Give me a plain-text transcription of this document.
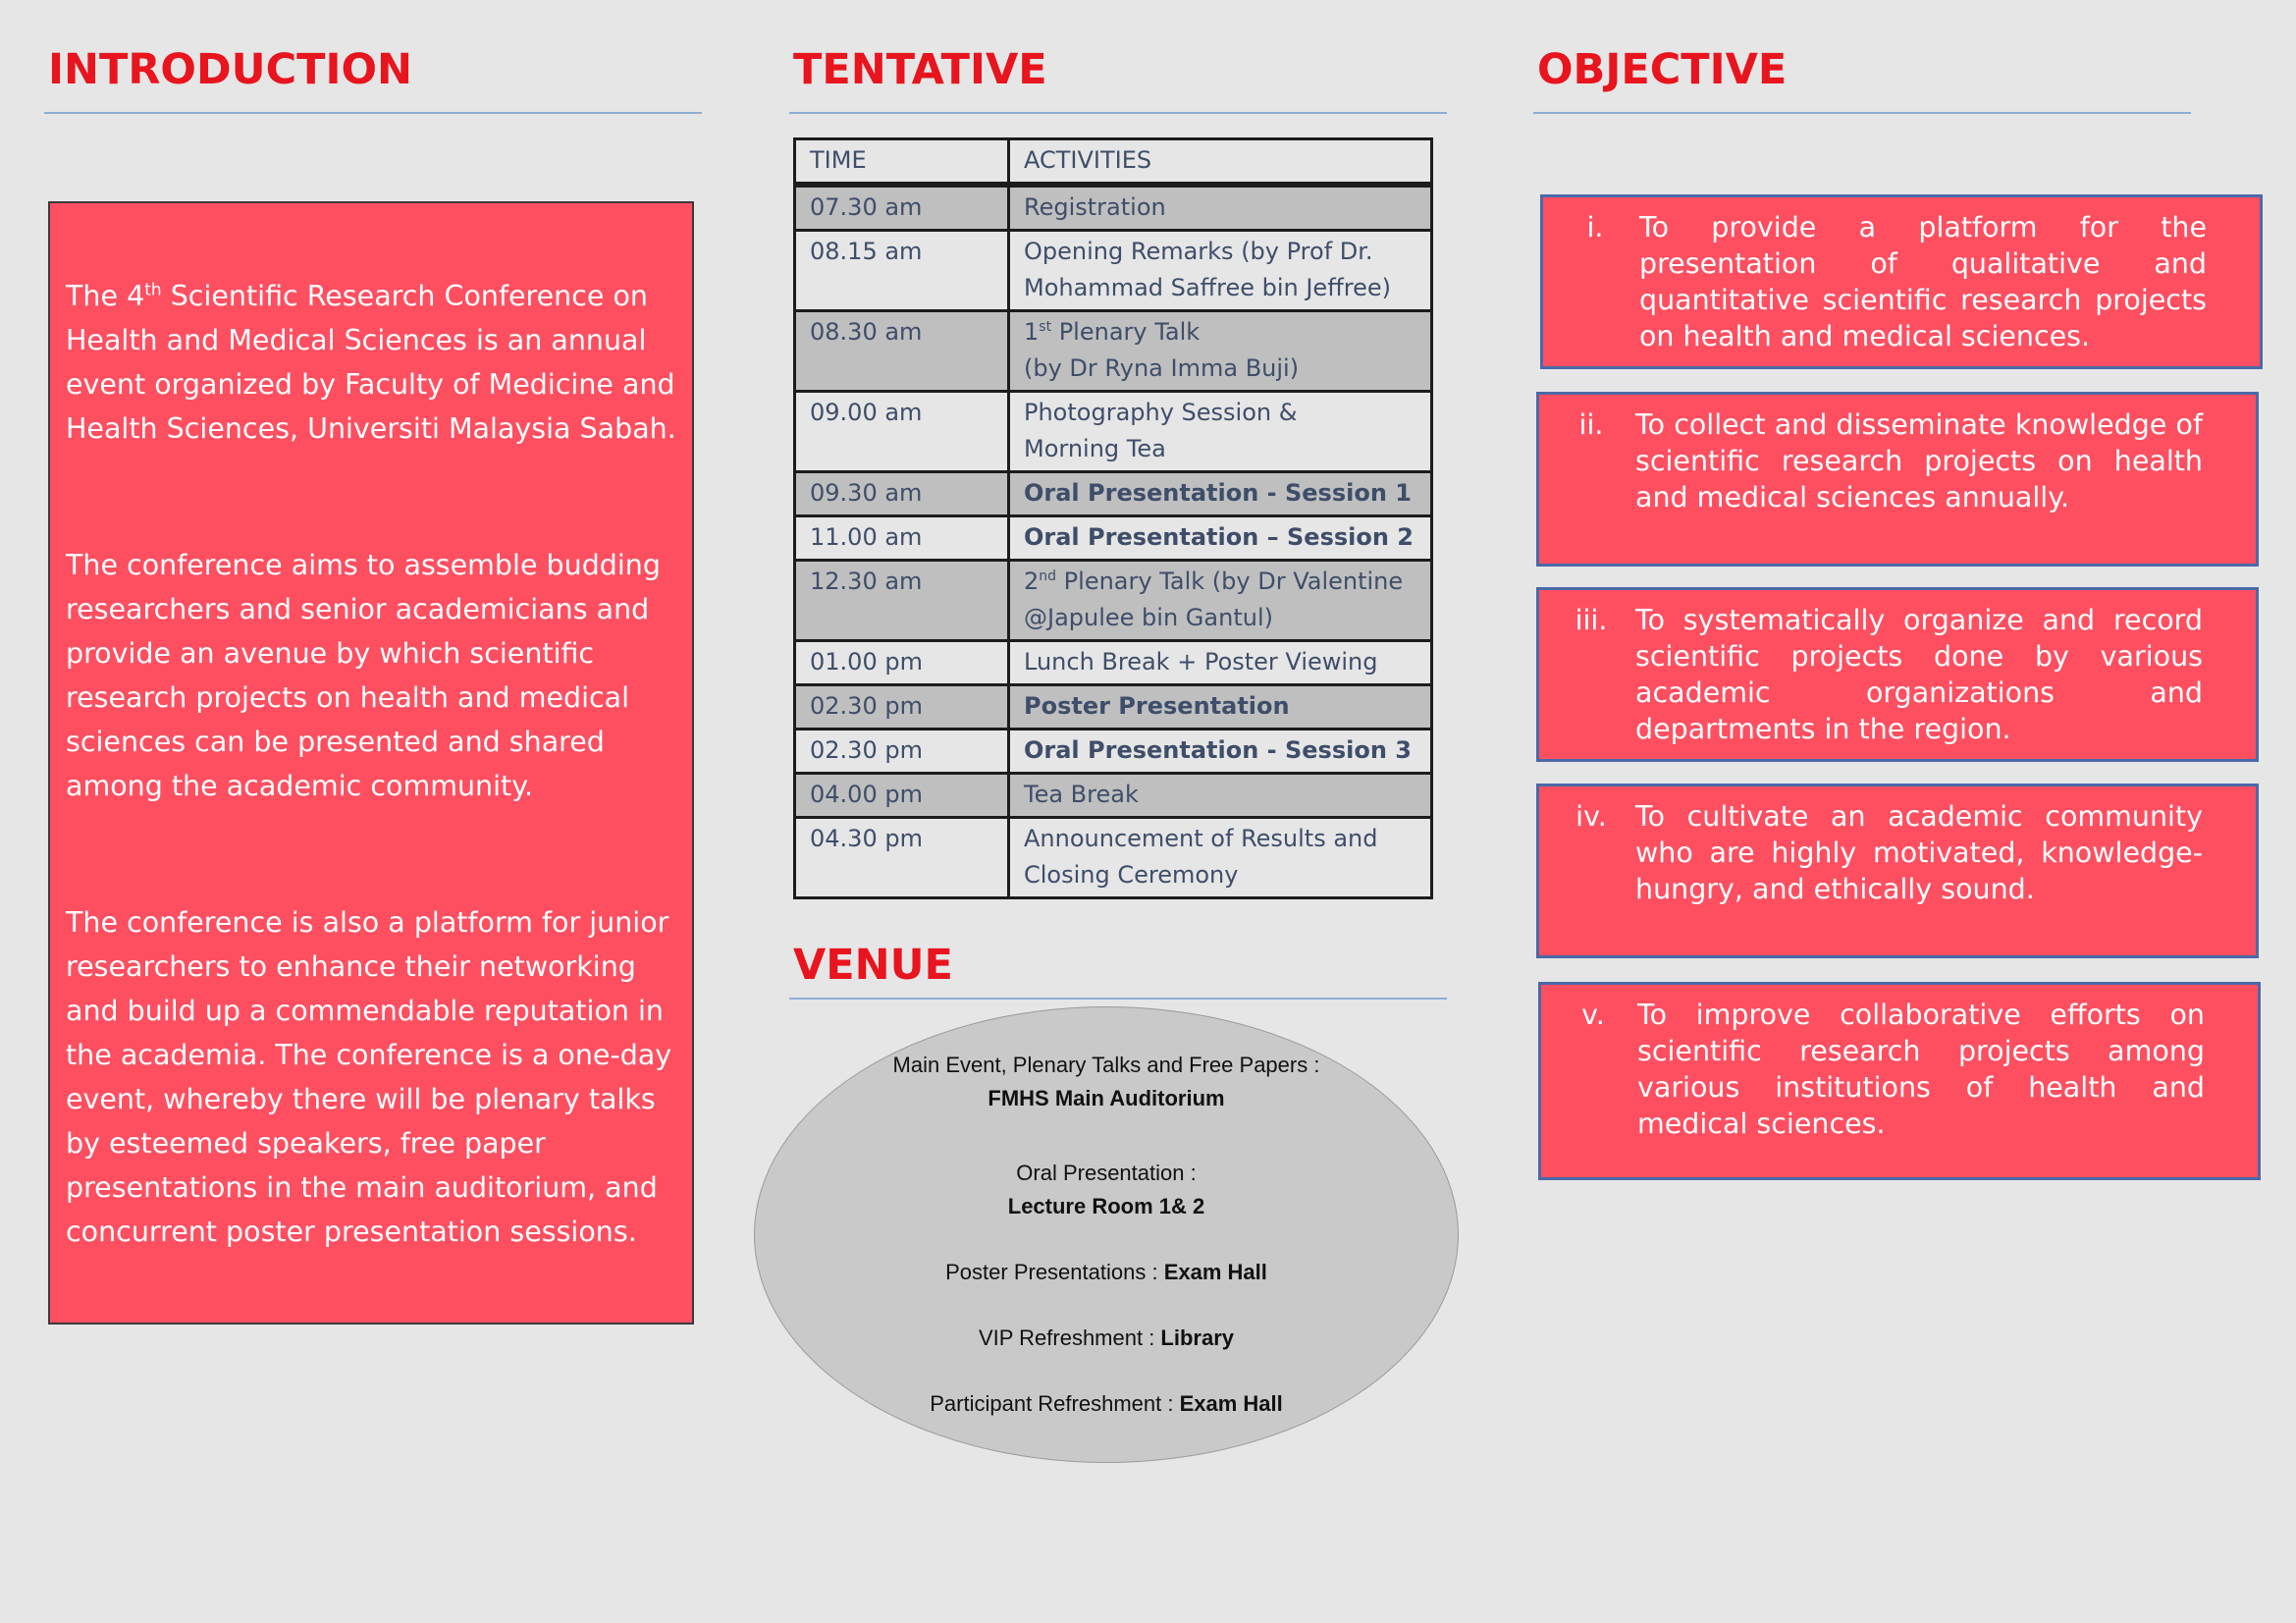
INTRODUCTION

The 4th Scientific Research Conference on Health and Medical Sciences is an annual event organized by Faculty of Medicine and Health Sciences, Universiti Malaysia Sabah.

The conference aims to assemble budding researchers and senior academicians and provide an avenue by which scientific research projects on health and medical sciences can be presented and shared among the academic community.

The conference is also a platform for junior researchers to enhance their networking and build up a commendable reputation in the academia. The conference is a one-day event, whereby there will be plenary talks by esteemed speakers, free paper presentations in the main auditorium, and concurrent poster presentation sessions.

TENTATIVE
TIME	ACTIVITIES
07.30 am	Registration
08.15 am	Opening Remarks (by Prof Dr.
Mohammad Saffree bin Jeffree)
08.30 am	1st Plenary Talk
(by Dr Ryna Imma Buji)
09.00 am	Photography Session &
Morning Tea
09.30 am	Oral Presentation - Session 1
11.00 am	Oral Presentation – Session 2
12.30 am	2nd Plenary Talk (by Dr Valentine
@Japulee bin Gantul)
01.00 pm	Lunch Break + Poster Viewing
02.30 pm	Poster Presentation
02.30 pm	Oral Presentation - Session 3
04.00 pm	Tea Break
04.30 pm	Announcement of Results and
Closing Ceremony
VENUE
Main Event, Plenary Talks and Free Papers :
FMHS Main Auditorium
Oral Presentation :
Lecture Room 1& 2
Poster Presentations : Exam Hall
VIP Refreshment : Library
Participant Refreshment : Exam Hall
OBJECTIVE
i.	To provide a platform for the presentation of qualitative and quantitative scientific research projects on health and medical sciences.
ii.	To collect and disseminate knowledge of scientific research projects on health and medical sciences annually.
iii.	To systematically organize and record scientific projects done by various academic organizations and departments in the region.
iv.	To cultivate an academic community who are highly motivated, knowledge-hungry, and ethically sound.
v.	To improve collaborative efforts on scientific research projects among various institutions of health and medical sciences.
